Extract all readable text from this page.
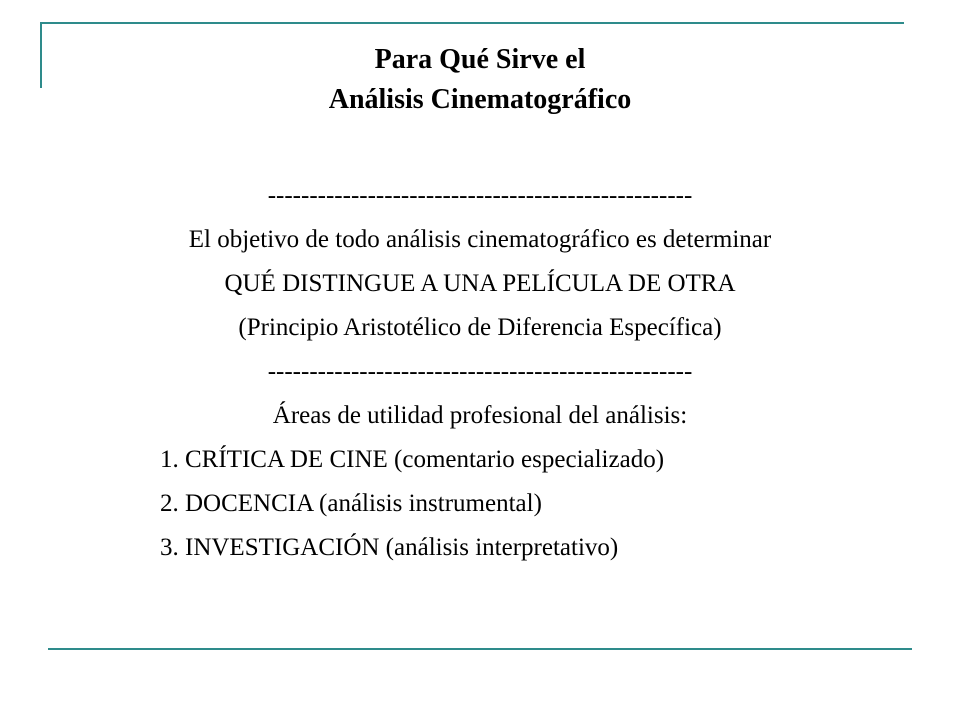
Para Qué Sirve el
Análisis Cinematográfico
---------------------------------------------------
El objetivo de todo análisis cinematográfico es determinar
QUÉ DISTINGUE A UNA PELÍCULA DE OTRA
(Principio Aristotélico de Diferencia Específica)
---------------------------------------------------
Áreas de utilidad profesional del análisis:
1. CRÍTICA DE CINE (comentario especializado)
2. DOCENCIA (análisis instrumental)
3. INVESTIGACIÓN (análisis interpretativo)
